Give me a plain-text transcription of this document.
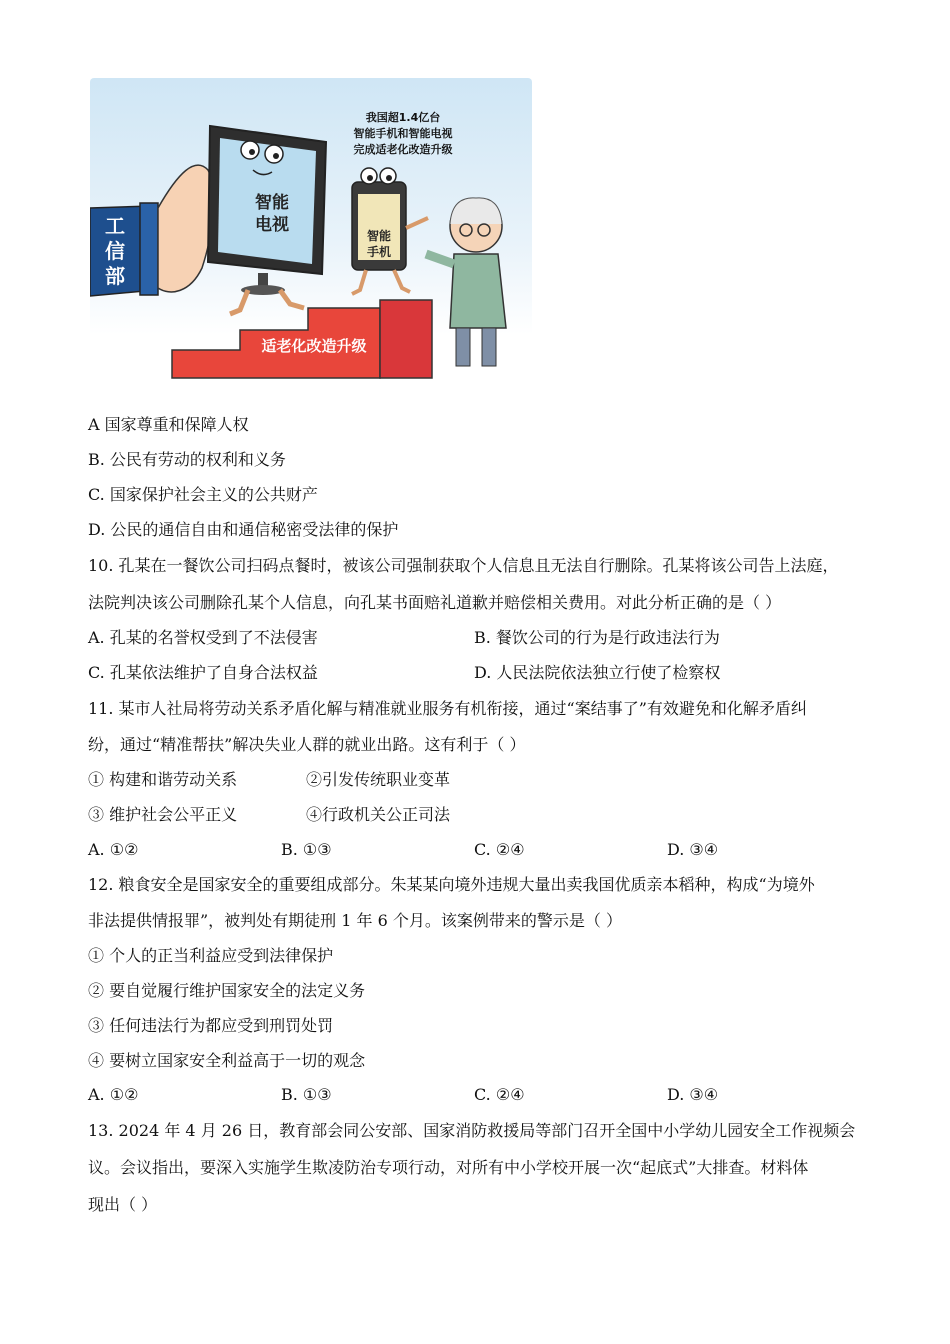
我国超1.4亿台
智能手机和智能电视
完成适老化改造升级
工
信
部
智能
电视
智能
手机
适老化改造升级
A 国家尊重和保障人权
B. 公民有劳动的权利和义务
C. 国家保护社会主义的公共财产
D. 公民的通信自由和通信秘密受法律的保护
10. 孔某在一餐饮公司扫码点餐时，被该公司强制获取个人信息且无法自行删除。孔某将该公司告上法庭，
法院判决该公司删除孔某个人信息，向孔某书面赔礼道歉并赔偿相关费用。对此分析正确的是（ ）
A. 孔某的名誉权受到了不法侵害	B. 餐饮公司的行为是行政违法行为
C. 孔某依法维护了自身合法权益	D. 人民法院依法独立行使了检察权
11. 某市人社局将劳动关系矛盾化解与精准就业服务有机衔接，通过“案结事了”有效避免和化解矛盾纠
纷，通过“精准帮扶”解决失业人群的就业出路。这有利于（ ）
① 构建和谐劳动关系	②引发传统职业变革
③ 维护社会公平正义	④行政机关公正司法
A. ①②	B. ①③	C. ②④	D. ③④
12. 粮食安全是国家安全的重要组成部分。朱某某向境外违规大量出卖我国优质亲本稻种，构成“为境外
非法提供情报罪”，被判处有期徒刑 1 年 6 个月。该案例带来的警示是（ ）
① 个人的正当利益应受到法律保护
② 要自觉履行维护国家安全的法定义务
③ 任何违法行为都应受到刑罚处罚
④ 要树立国家安全利益高于一切的观念
A. ①②	B. ①③	C. ②④	D. ③④
13. 2024 年 4 月 26 日，教育部会同公安部、国家消防救援局等部门召开全国中小学幼儿园安全工作视频会
议。会议指出，要深入实施学生欺凌防治专项行动，对所有中小学校开展一次“起底式”大排查。材料体
现出（ ）
